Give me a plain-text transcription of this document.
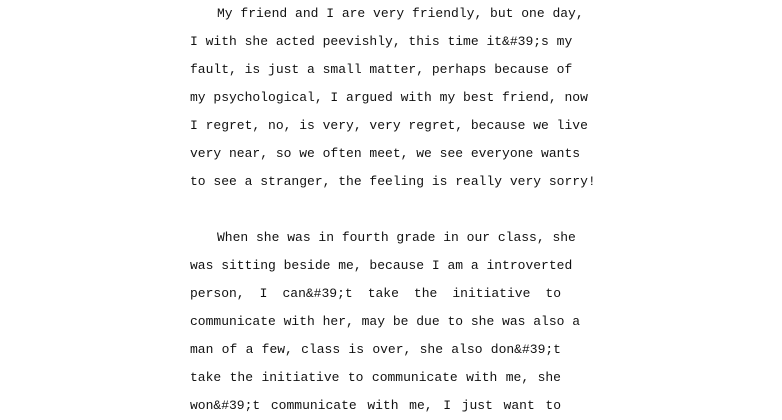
My friend and I are very friendly, but one day,
I with she acted peevishly, this time it&#39;s my
fault, is just a small matter, perhaps because of
my psychological, I argued with my best friend, now
I regret, no, is very, very regret, because we live
very near, so we often meet, we see everyone wants
to see a stranger, the feeling is really very sorry!
When she was in fourth grade in our class, she
was sitting beside me, because I am a introverted
person, I can&#39;t take the initiative to
communicate with her, may be due to she was also a
man of a few, class is over, she also don&#39;t
take the initiative to communicate with me, she
won&#39;t communicate with me, I just want to
